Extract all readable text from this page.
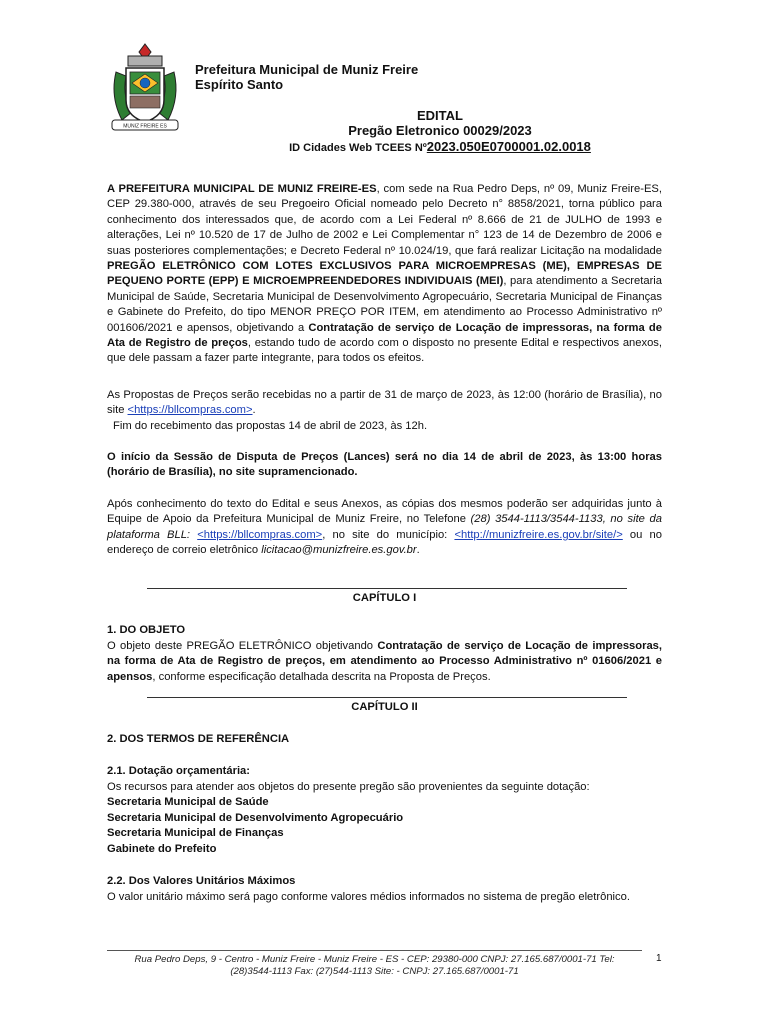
MUNIZ FREIRE ES
Prefeitura Municipal de Muniz Freire
Espírito Santo
EDITAL
Pregão Eletronico 00029/2023
ID Cidades Web TCEES Nº2023.050E0700001.02.0018

A PREFEITURA MUNICIPAL DE MUNIZ FREIRE-ES, com sede na Rua Pedro Deps, nº 09, Muniz Freire-ES, CEP 29.380-000, através de seu Pregoeiro Oficial nomeado pelo Decreto n° 8858/2021, torna público para conhecimento dos interessados que, de acordo com a Lei Federal nº 8.666 de 21 de JULHO de 1993 e alterações, Lei nº 10.520 de 17 de Julho de 2002 e Lei Complementar n° 123 de 14 de Dezembro de 2006 e suas posteriores complementações; e Decreto Federal nº 10.024/19, que fará realizar Licitação na modalidade PREGÃO ELETRÔNICO COM LOTES EXCLUSIVOS PARA MICROEMPRESAS (ME), EMPRESAS DE PEQUENO PORTE (EPP) E MICROEMPREENDEDORES INDIVIDUAIS (MEI), para atendimento a Secretaria Municipal de Saúde, Secretaria Municipal de Desenvolvimento Agropecuário, Secretaria Municipal de Finanças e Gabinete do Prefeito, do tipo MENOR PREÇO POR ITEM, em atendimento ao Processo Administrativo nº 001606/2021 e apensos, objetivando a Contratação de serviço de Locação de impressoras, na forma de Ata de Registro de preços, estando tudo de acordo com o disposto no presente Edital e respectivos anexos, que dele passam a fazer parte integrante, para todos os efeitos.

As Propostas de Preços serão recebidas no a partir de 31 de março de 2023, às 12:00 (horário de Brasília), no site <https://bllcompras.com>.

Fim do recebimento das propostas 14 de abril de 2023, às 12h.

O início da Sessão de Disputa de Preços (Lances) será no dia 14 de abril de 2023, às 13:00 horas (horário de Brasília), no site supramencionado.

Após conhecimento do texto do Edital e seus Anexos, as cópias dos mesmos poderão ser adquiridas junto à Equipe de Apoio da Prefeitura Municipal de Muniz Freire, no Telefone (28) 3544-1113/3544-1133, no site da plataforma BLL: <https://bllcompras.com>, no site do município: <http://munizfreire.es.gov.br/site/> ou no endereço de correio eletrônico licitacao@munizfreire.es.gov.br.

CAPÍTULO I
1. DO OBJETO

O objeto deste PREGÃO ELETRÔNICO objetivando Contratação de serviço de Locação de impressoras, na forma de Ata de Registro de preços, em atendimento ao Processo Administrativo nº 01606/2021 e apensos, conforme especificação detalhada descrita na Proposta de Preços.

CAPÍTULO II
2. DOS TERMOS DE REFERÊNCIA
2.1. Dotação orçamentária:

Os recursos para atender aos objetos do presente pregão são provenientes da seguinte dotação:

Secretaria Municipal de Saúde

Secretaria Municipal de Desenvolvimento Agropecuário

Secretaria Municipal de Finanças

Gabinete do Prefeito

2.2. Dos Valores Unitários Máximos

O valor unitário máximo será pago conforme valores médios informados no sistema de pregão eletrônico.

Rua Pedro Deps, 9 - Centro - Muniz Freire - Muniz Freire - ES - CEP: 29380-000 CNPJ: 27.165.687/0001-71 Tel:
(28)3544-1113 Fax: (27)544-1113 Site: - CNPJ: 27.165.687/0001-71
1
